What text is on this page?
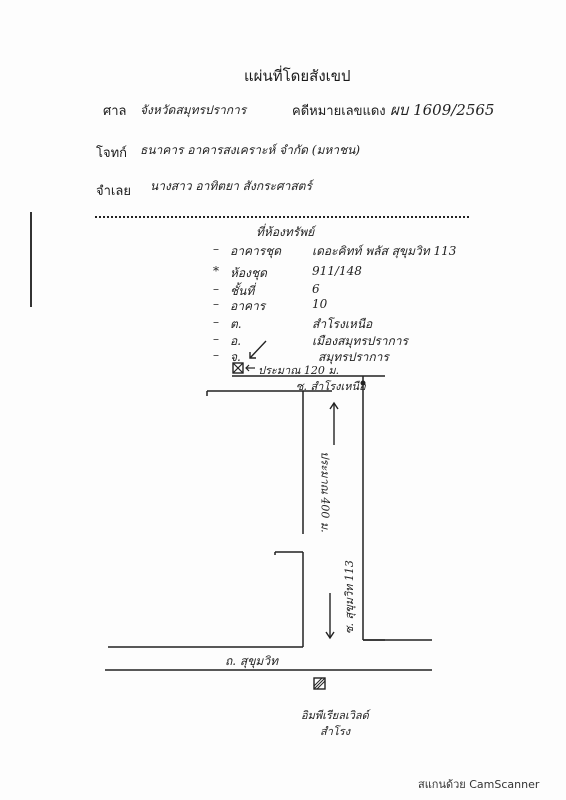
แผ่นที่โดยสังเขป
ศาล จังหวัดสมุทรปราการ	คดีหมายเลขแดง ผบ 1609/2565
โจทก์ ธนาคาร อาคารสงเคราะห์ จำกัด (มหาชน)
จำเลย นางสาว อาทิตยา สังกระศาสตร์
ที่ห้องทรัพย์
– อาคารชุด	เดอะคิทท์ พลัส สุขุมวิท 113
* ห้องชุด	911/148
– ชั้นที่	6
– อาคาร	10
– ต.	สำโรงเหนือ
– อ.	เมืองสมุทรปราการ
– จ.	สมุทรปราการ
ประมาณ 120 ม.
ซ. สำโรงเหนือ
ประมาณ 400 ม.
ซ. สุขุมวิท 113
ถ. สุขุมวิท
อิมพีเรียลเวิลด์
สำโรง
สแกนด้วย CamScanner
